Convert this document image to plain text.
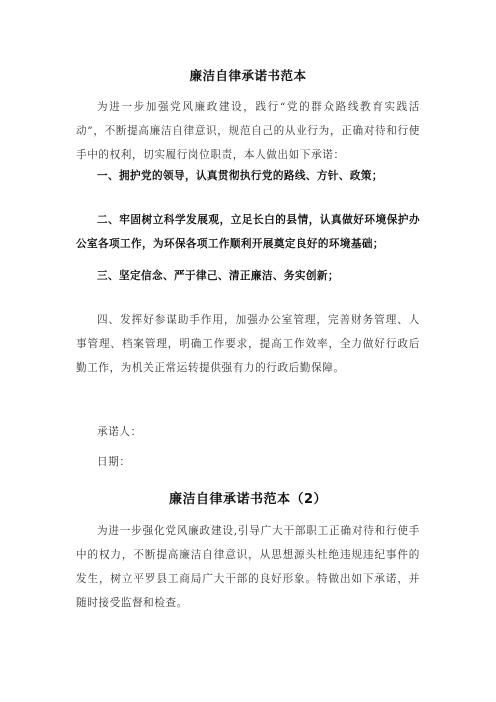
廉洁自律承诺书范本
为进一步加强党风廉政建设，践行“党的群众路线教育实践活动”，不断提高廉洁自律意识，规范自己的从业行为，正确对待和行使手中的权利，切实履行岗位职责，本人做出如下承诺：
一、拥护党的领导，认真贯彻执行党的路线、方针、政策；
二、牢固树立科学发展观，立足长白的县情，认真做好环境保护办公室各项工作，为环保各项工作顺利开展奠定良好的环境基础；
三、坚定信念、严于律己、清正廉洁、务实创新；
四、发挥好参谋助手作用，加强办公室管理，完善财务管理、人事管理、档案管理，明确工作要求，提高工作效率，全力做好行政后勤工作，为机关正常运转提供强有力的行政后勤保障。
承诺人：
日期：
廉洁自律承诺书范本（2）
为进一步强化党风廉政建设,引导广大干部职工正确对待和行使手中的权力，不断提高廉洁自律意识，从思想源头杜绝违规违纪事件的发生，树立平罗县工商局广大干部的良好形象。特做出如下承诺，并随时接受监督和检查。
